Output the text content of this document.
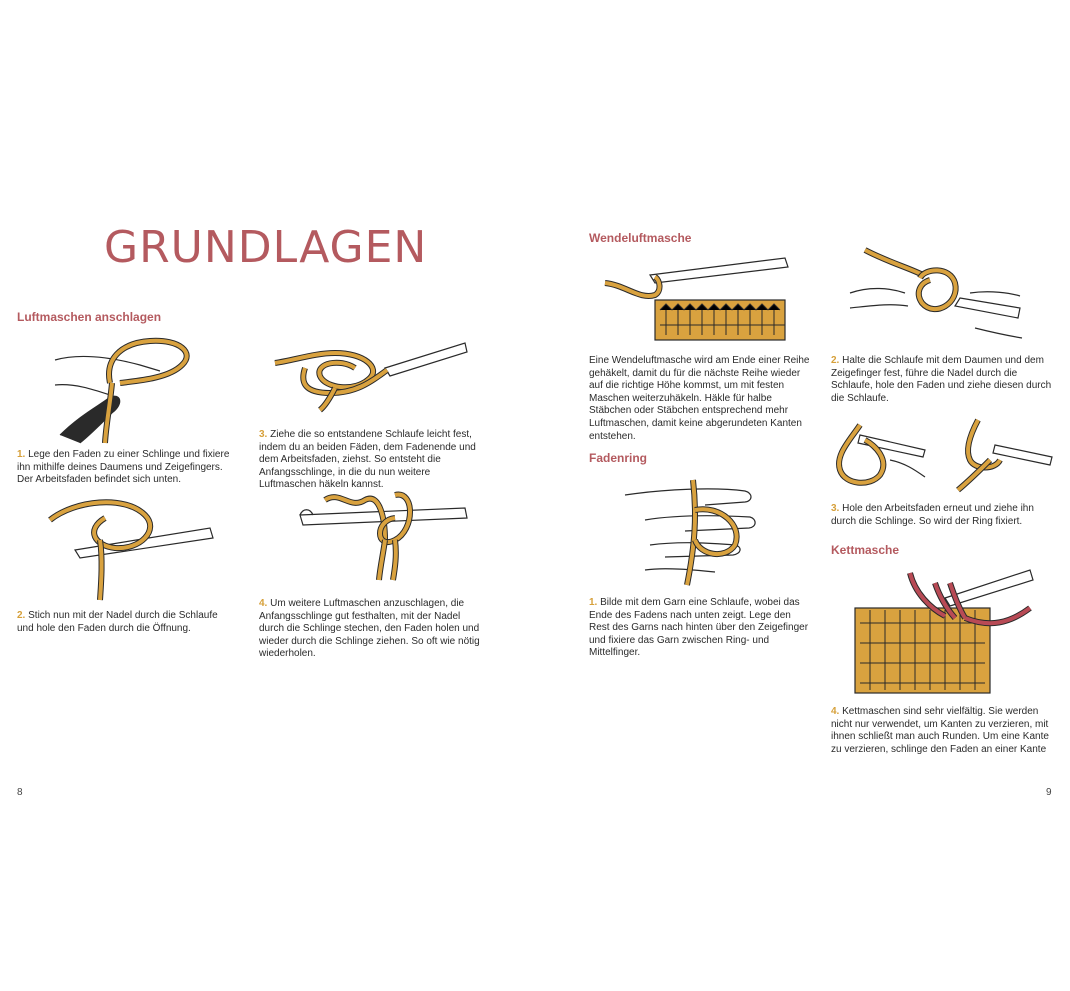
GRUNDLAGEN
Luftmaschen anschlagen
1. Lege den Faden zu einer Schlinge und fixiere ihn mithilfe deines Daumens und Zeigefingers. Der Arbeitsfaden befindet sich unten.
2. Stich nun mit der Nadel durch die Schlaufe und hole den Faden durch die Öffnung.
3. Ziehe die so entstandene Schlaufe leicht fest, indem du an beiden Fäden, dem Fadenende und dem Arbeitsfaden, ziehst. So entsteht die Anfangsschlinge, in die du nun weitere Luftmaschen häkeln kannst.
4. Um weitere Luftmaschen anzuschlagen, die Anfangsschlinge gut festhalten, mit der Nadel durch die Schlinge stechen, den Faden holen und wieder durch die Schlinge ziehen. So oft wie nötig wiederholen.
8
Wendeluftmasche
Eine Wendeluftmasche wird am Ende einer Reihe gehäkelt, damit du für die nächste Reihe wieder auf die richtige Höhe kommst, um mit festen Maschen weiterzuhäkeln. Häkle für halbe Stäbchen oder Stäbchen entsprechend mehr Luftmaschen, damit keine abgerundeten Kanten entstehen.
Fadenring
1. Bilde mit dem Garn eine Schlaufe, wobei das Ende des Fadens nach unten zeigt. Lege den Rest des Garns nach hinten über den Zeigefinger und fixiere das Garn zwischen Ring- und Mittelfinger.
2. Halte die Schlaufe mit dem Daumen und dem Zeigefinger fest, führe die Nadel durch die Schlaufe, hole den Faden und ziehe diesen durch die Schlaufe.
3. Hole den Arbeitsfaden erneut und ziehe ihn durch die Schlinge. So wird der Ring fixiert.
Kettmasche
4. Kettmaschen sind sehr vielfältig. Sie werden nicht nur verwendet, um Kanten zu verzieren, mit ihnen schließt man auch Runden. Um eine Kante zu verzieren, schlinge den Faden an einer Kante
9
